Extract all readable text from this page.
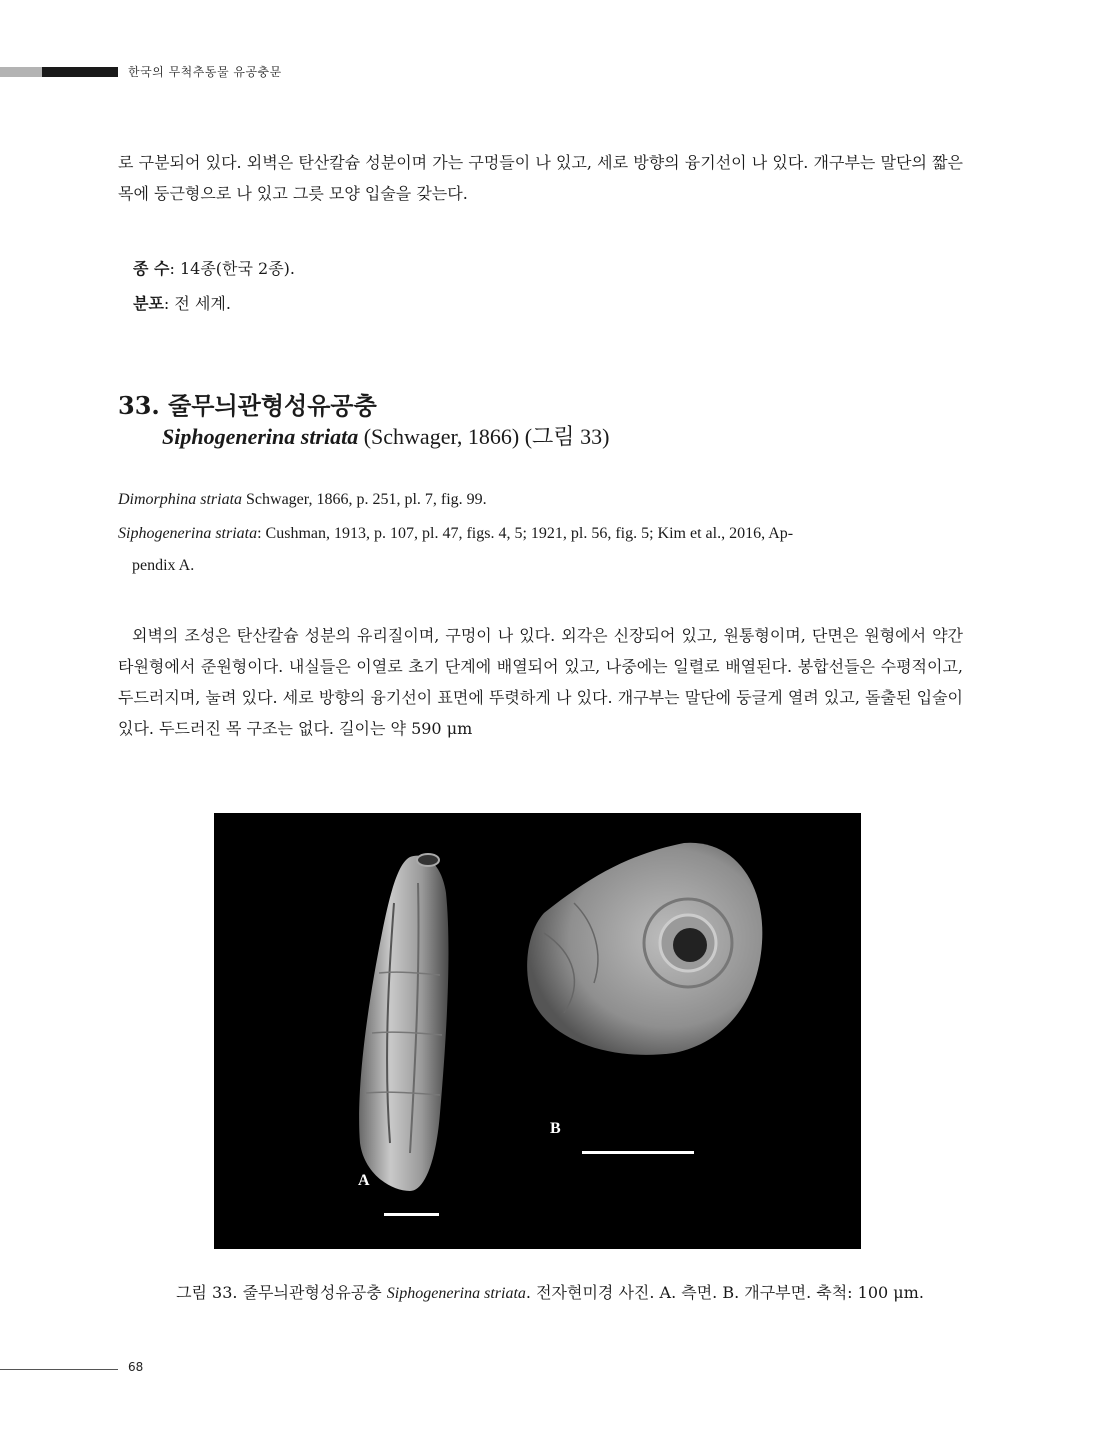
한국의 무척추동물 유공충문
로 구분되어 있다. 외벽은 탄산칼슘 성분이며 가는 구멍들이 나 있고, 세로 방향의 융기선이 나 있다. 개구부는 말단의 짧은 목에 둥근형으로 나 있고 그릇 모양 입술을 갖는다.
종 수: 14종(한국 2종).
분포: 전 세계.
33. 줄무늬관형성유공충
Siphogenerina striata (Schwager, 1866) (그림 33)
Dimorphina striata Schwager, 1866, p. 251, pl. 7, fig. 99.
Siphogenerina striata: Cushman, 1913, p. 107, pl. 47, figs. 4, 5; 1921, pl. 56, fig. 5; Kim et al., 2016, Ap-
pendix A.
외벽의 조성은 탄산칼슘 성분의 유리질이며, 구멍이 나 있다. 외각은 신장되어 있고, 원통형이며, 단면은 원형에서 약간 타원형에서 준원형이다. 내실들은 이열로 초기 단계에 배열되어 있고, 나중에는 일렬로 배열된다. 봉합선들은 수평적이고, 두드러지며, 눌려 있다. 세로 방향의 융기선이 표면에 뚜렷하게 나 있다. 개구부는 말단에 둥글게 열려 있고, 돌출된 입술이 있다. 두드러진 목 구조는 없다. 길이는 약 590 μm
A
B
그림 33. 줄무늬관형성유공충 Siphogenerina striata. 전자현미경 사진. A. 측면. B. 개구부면. 축척: 100 μm.
68
